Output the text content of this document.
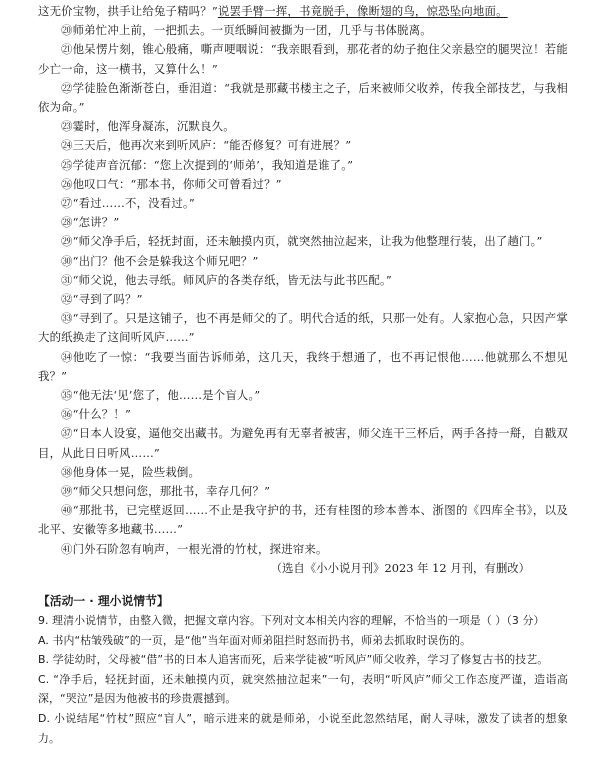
这无价宝物，拱手让给兔子精吗？”说罢手臂一挥，书竟脱手，像断翅的鸟，惊恐坠向地面。

⑳师弟忙冲上前，一把抓去。一页纸瞬间被撕为一团，几乎与书体脱离。

㉑他呆愣片刻，锥心般痛，嘶声哽咽说：“我亲眼看到，那花者的幼子抱住父亲悬空的腿哭泣！若能少亡一命，这一横书，又算什么！”

㉒学徒脸色渐渐苍白，垂泪道：“我就是那藏书楼主之子，后来被师父收养，传我全部技艺，与我相依为命。”

㉓霎时，他浑身凝冻，沉默良久。

㉔三天后，他再次来到听风庐：“能否修复？可有进展？”

㉕学徒声音沉郁：“您上次提到的‘师弟’，我知道是谁了。”

㉖他叹口气：“那本书，你师父可曾看过？”

㉗“看过……不，没看过。”

㉘“怎讲？”

㉙“师父净手后，轻抚封面，还未触摸内页，就突然抽泣起来，让我为他整理行装，出了趟门。”

㉚“出门？他不会是躲我这个师兄吧？”

㉛“师父说，他去寻纸。师风庐的各类存纸，皆无法与此书匹配。”

㉜“寻到了吗？”

㉝“寻到了。只是这铺子，也不再是师父的了。明代合适的纸，只那一处有。人家抱心急，只因产掌大的纸换走了这间听风庐……”

㉞他吃了一惊：“我要当面告诉师弟，这几天，我终于想通了，也不再记恨他……他就那么不想见我？”

㉟“他无法‘见’您了，他……是个盲人。”

㊱“什么？！”

㊲“日本人设宴，逼他交出藏书。为避免再有无辜者被害，师父连干三杯后，两手各持一搿，自戳双目，从此日日听风……”

㊳他身体一晃，险些栽倒。

㊴“师父只想问您，那批书，幸存几何？”

㊵“那批书，已完壁返回……不止是我守护的书，还有桂图的珍本善本、浙图的《四库全书》，以及北平、安徽等多地藏书……”

㊶门外石阶忽有响声，一根光滑的竹杖，探进帘来。

（选自《小小说月刊》2023 年 12 月刊，有删改）

【活动一 · 理小说情节】

9. 理清小说情节，由整入微，把握文章内容。下列对文本相关内容的理解，不恰当的一项是（ ）（3 分）

A. 书内“枯皱残破”的一页，是“他”当年面对师弟阻拦时怒而扔书，师弟去抓取时误伤的。

B. 学徒幼时，父母被“借”书的日本人追害而死，后来学徒被“听风庐”师父收养，学习了修复古书的技艺。

C. “净手后，轻抚封面，还未触摸内页，就突然抽泣起来”一句，表明“听风庐”师父工作态度严谨，造诣高深，“哭泣”是因为他被书的珍贵震撼到。

D. 小说结尾“竹杖”照应“盲人”，暗示进来的就是师弟，小说至此忽然结尾，耐人寻味，激发了读者的想象力。
